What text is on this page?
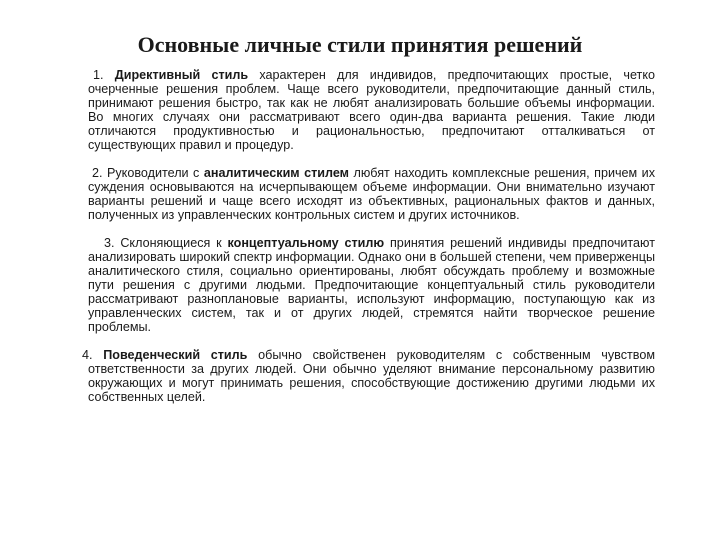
Основные личные стили принятия решений

1. Директивный стиль характерен для индивидов, предпочитающих простые, четко очерченные решения проблем. Чаще всего руководители, предпочитающие данный стиль, принимают решения быстро, так как не любят анализировать большие объемы информации. Во многих случаях они рассматривают всего один-два варианта решения. Такие люди отличаются продуктивностью и рациональностью, предпочитают отталкиваться от существующих правил и процедур.

2. Руководители с аналитическим стилем любят находить комплексные решения, причем их суждения основываются на исчерпывающем объеме информации. Они внимательно изучают варианты решений и чаще всего исходят из объективных, рациональных фактов и данных, полученных из управленческих контрольных систем и других источников.

3. Склоняющиеся к концептуальному стилю принятия решений индивиды предпочитают анализировать широкий спектр информации. Однако они в большей степени, чем приверженцы аналитического стиля, социально ориентированы, любят обсуждать проблему и возможные пути решения с другими людьми. Предпочитающие концептуальный стиль руководители рассматривают разноплановые варианты, используют информацию, поступающую как из управленческих систем, так и от других людей, стремятся найти творческое решение проблемы.

4. Поведенческий стиль обычно свойственен руководителям с собственным чувством ответственности за других людей. Они обычно уделяют внимание персональному развитию окружающих и могут принимать решения, способствующие достижению другими людьми их собственных целей.
